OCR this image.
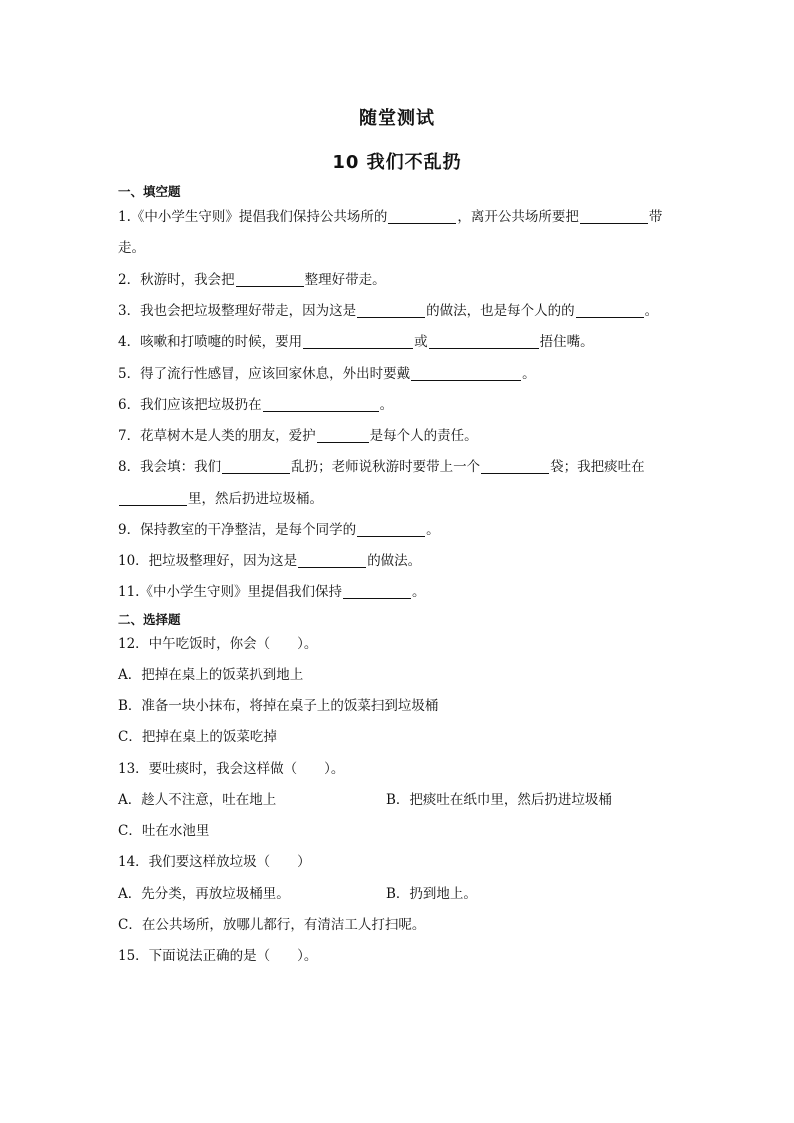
随堂测试
10 我们不乱扔
一、填空题
1.《中小学生守则》提倡我们保持公共场所的	，离开公共场所要把	带
走。
2．秋游时，我会把	整理好带走。
3．我也会把垃圾整理好带走，因为这是	的做法，也是每个人的的	。
4．咳嗽和打喷嚏的时候，要用	或	捂住嘴。
5．得了流行性感冒，应该回家休息，外出时要戴	。
6．我们应该把垃圾扔在	。
7．花草树木是人类的朋友，爱护	是每个人的责任。
8．我会填：我们	乱扔；老师说秋游时要带上一个	袋；我把痰吐在
里，然后扔进垃圾桶。
9．保持教室的干净整洁，是每个同学的	。
10．把垃圾整理好，因为这是	的做法。
11.《中小学生守则》里提倡我们保持	。
二、选择题
12．中午吃饭时，你会（　　）。
A．把掉在桌上的饭菜扒到地上
B．准备一块小抹布，将掉在桌子上的饭菜扫到垃圾桶
C．把掉在桌上的饭菜吃掉
13．要吐痰时，我会这样做（　　）。
A．趁人不注意，吐在地上	B．把痰吐在纸巾里，然后扔进垃圾桶
C．吐在水池里
14．我们要这样放垃圾（　　）
A．先分类，再放垃圾桶里。	B．扔到地上。
C．在公共场所，放哪儿都行，有清洁工人打扫呢。
15．下面说法正确的是（　　）。
